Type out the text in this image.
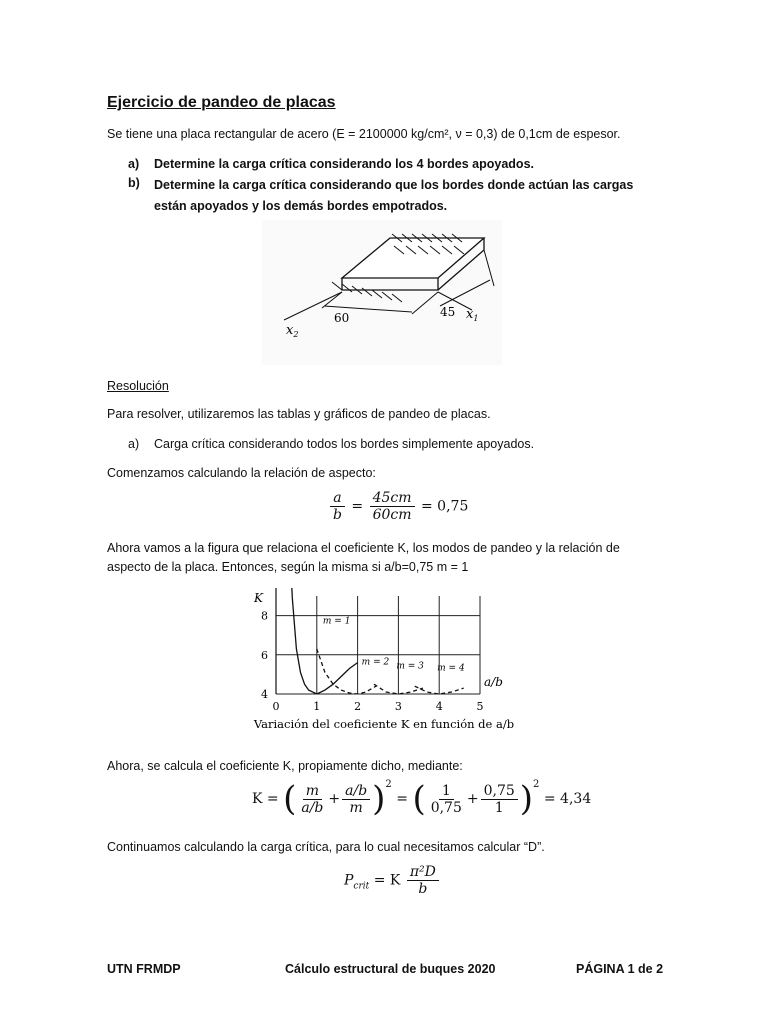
Ejercicio de pandeo de placas
Se tiene una placa rectangular de acero (E = 2100000 kg/cm², ν = 0,3) de 0,1cm de espesor.
a)	Determine la carga crítica considerando los 4 bordes apoyados.
b)	Determine la carga crítica considerando que los bordes donde actúan las cargas están apoyados y los demás bordes empotrados.
60	45
$x_2$
$x_1$
Resolución
Para resolver, utilizaremos las tablas y gráficos de pandeo de placas.
a)	Carga crítica considerando todos los bordes simplemente apoyados.
Comenzamos calculando la relación de aspecto:
$\frac{a}{b} = \frac{45cm}{60cm} = 0,75$
Ahora vamos a la figura que relaciona el coeficiente K, los modos de pandeo y la relación de aspecto de la placa. Entonces, según la misma si a/b=0,75 m = 1
0	1	2	3	4	5
4
6
8
K
a/b
m = 1
m = 2 m = 3 m = 4
Variación del coeficiente K en función de a/b
Ahora, se calcula el coeficiente K, propiamente dicho, mediante:
K = ( $\frac{m}{a/b} + \frac{a/b}{m} )^2$ = ( $\frac{1}{0,75} + \frac{0,75}{1} )^2 = 4,34$
Continuamos calculando la carga crítica, para lo cual necesitamos calcular “D”.
$P_{crit} = K \frac{\text{π²D}}{b}$
UTN FRMDP	Cálculo estructural de buques 2020	PÁGINA 1 de 2
